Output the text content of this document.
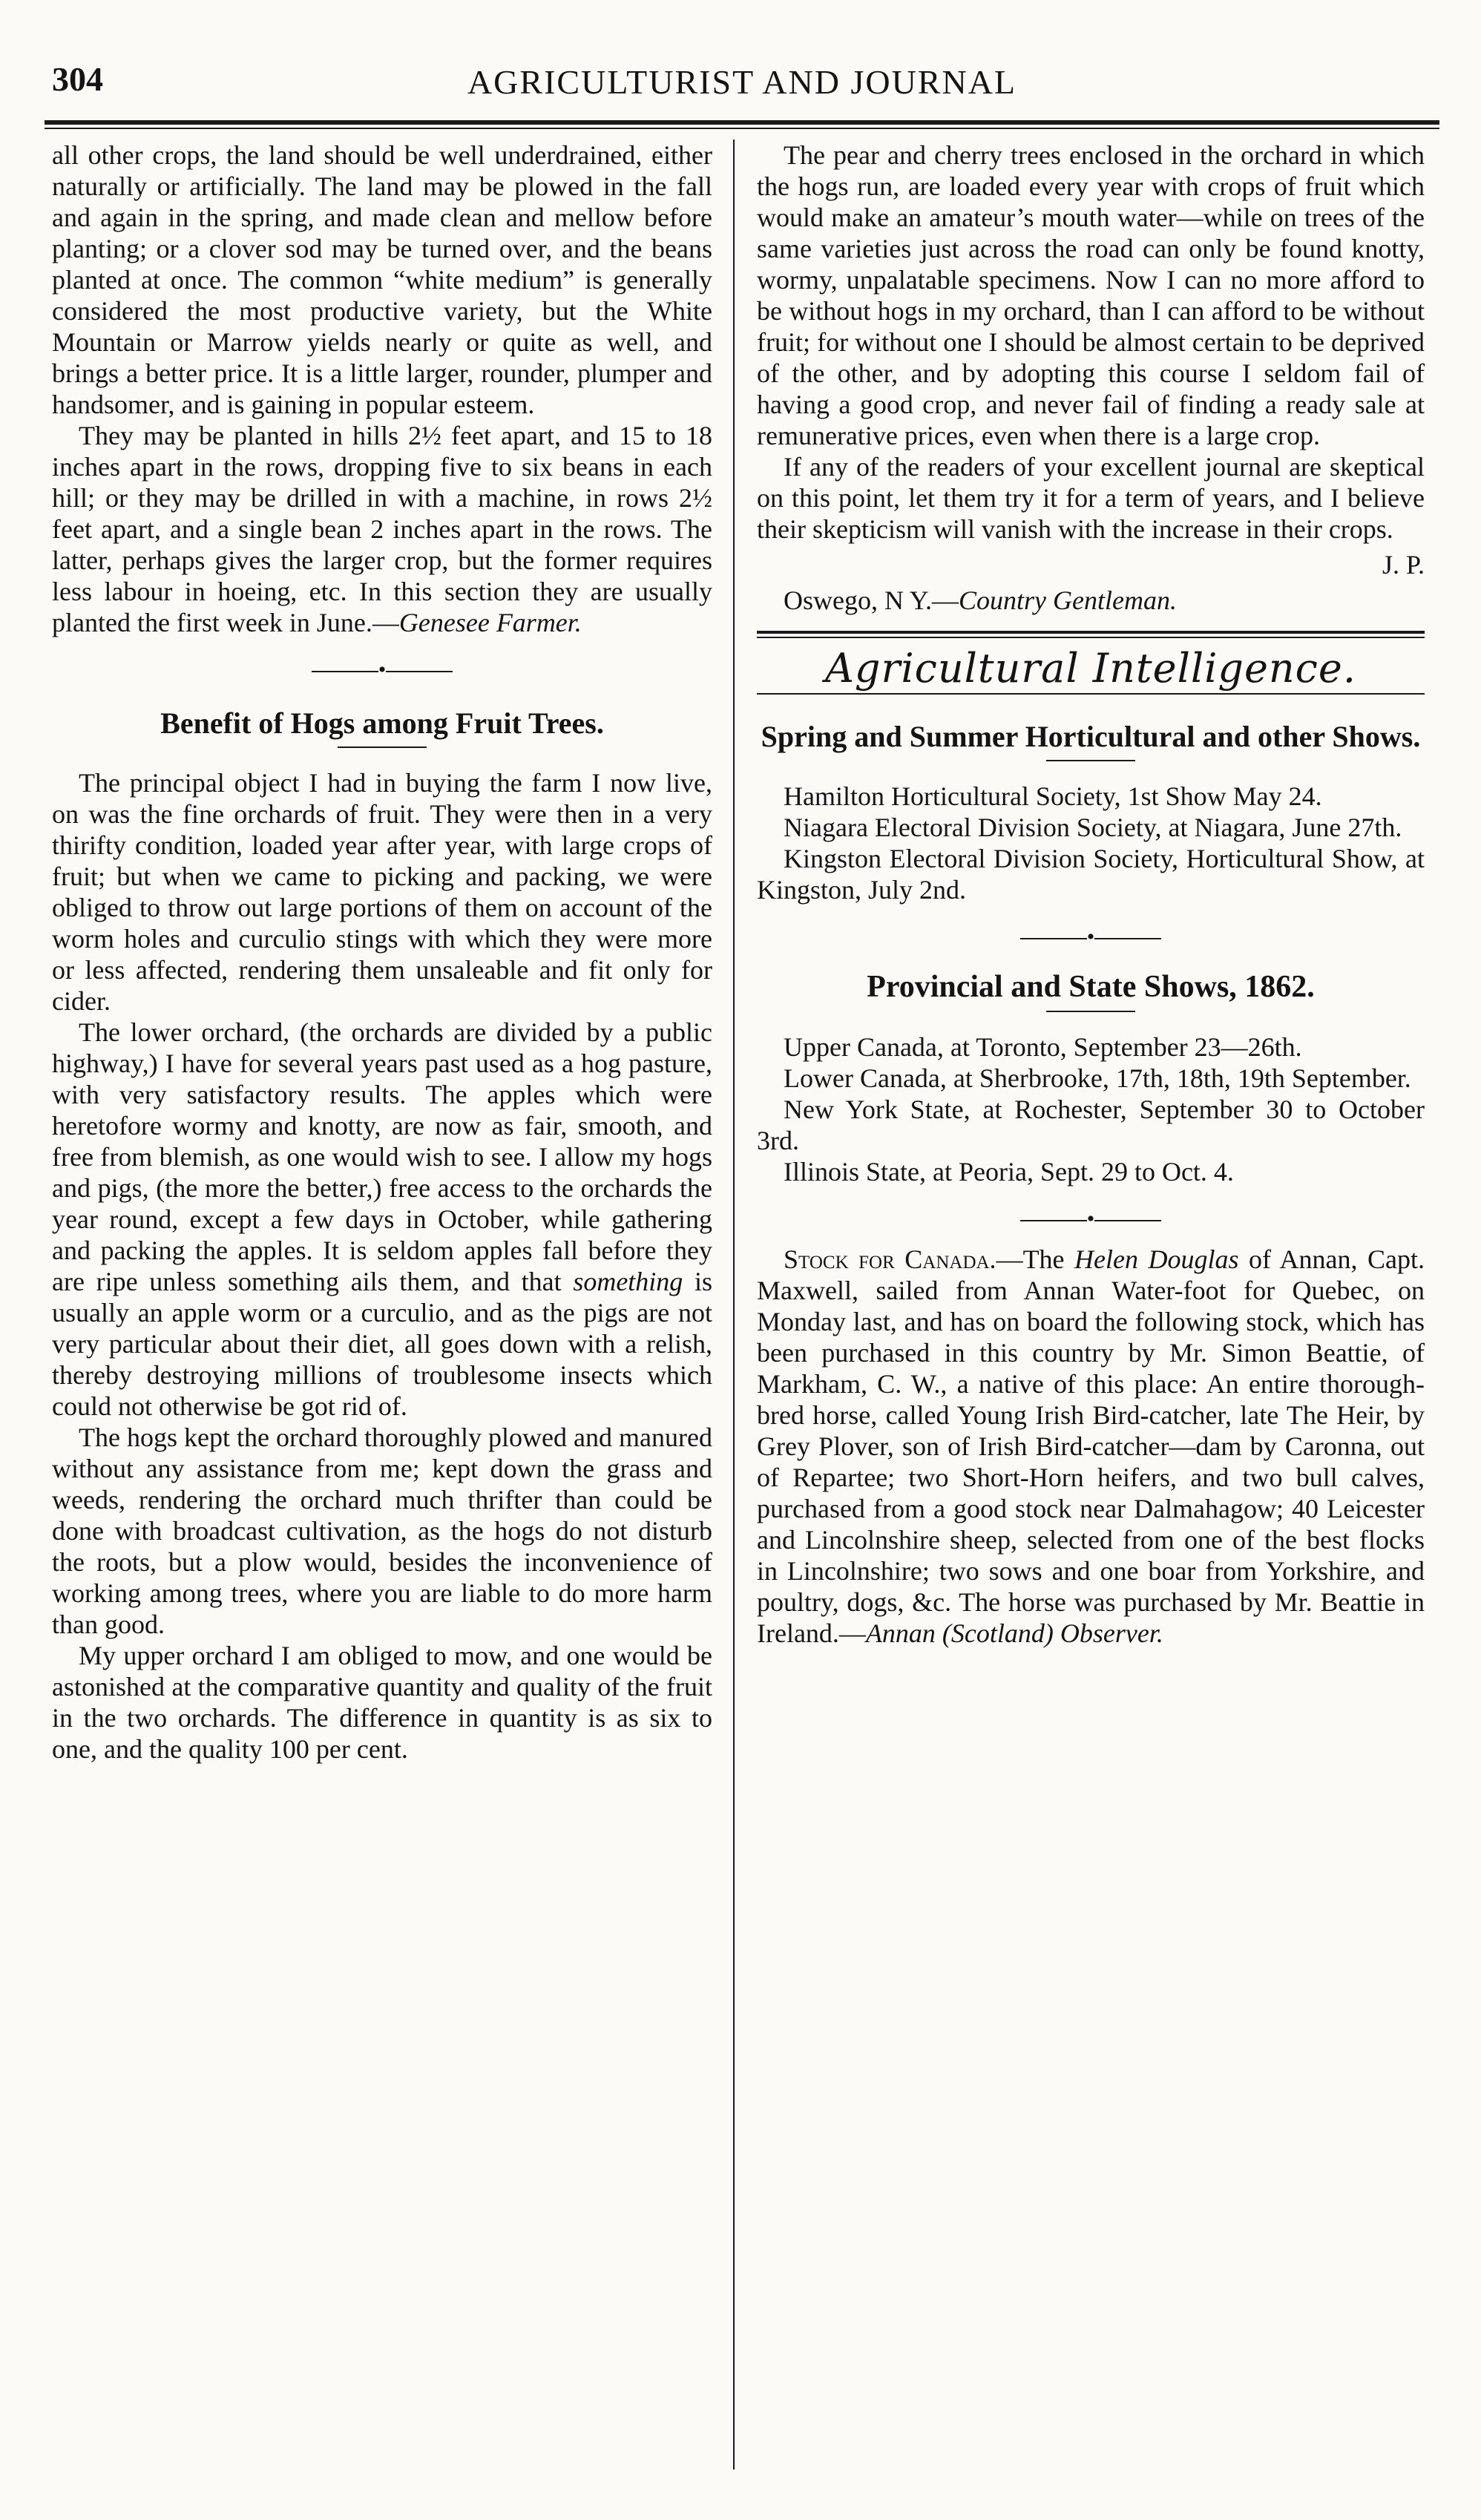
304	AGRICULTURIST AND JOURNAL

all other crops, the land should be well underdrained, either naturally or artificially. The land may be plowed in the fall and again in the spring, and made clean and mellow before planting; or a clover sod may be turned over, and the beans planted at once. The common “white medium” is generally considered the most productive variety, but the White Mountain or Marrow yields nearly or quite as well, and brings a better price. It is a little larger, rounder, plumper and handsomer, and is gaining in popular esteem.

They may be planted in hills 2½ feet apart, and 15 to 18 inches apart in the rows, dropping five to six beans in each hill; or they may be drilled in with a machine, in rows 2½ feet apart, and a single bean 2 inches apart in the rows. The latter, perhaps gives the larger crop, but the former requires less labour in hoeing, etc. In this section they are usually planted the first week in June.—Genesee Farmer.

•
Benefit of Hogs among Fruit Trees.

The principal object I had in buying the farm I now live, on was the fine orchards of fruit. They were then in a very thirifty condition, loaded year after year, with large crops of fruit; but when we came to picking and packing, we were obliged to throw out large portions of them on account of the worm holes and curculio stings with which they were more or less affected, rendering them unsaleable and fit only for cider.

The lower orchard, (the orchards are divided by a public highway,) I have for several years past used as a hog pasture, with very satisfactory results. The apples which were heretofore wormy and knotty, are now as fair, smooth, and free from blemish, as one would wish to see. I allow my hogs and pigs, (the more the better,) free access to the orchards the year round, except a few days in October, while gathering and packing the apples. It is seldom apples fall before they are ripe unless something ails them, and that something is usually an apple worm or a curculio, and as the pigs are not very particular about their diet, all goes down with a relish, thereby destroying millions of troublesome insects which could not otherwise be got rid of.

The hogs kept the orchard thoroughly plowed and manured without any assistance from me; kept down the grass and weeds, rendering the orchard much thrifter than could be done with broadcast cultivation, as the hogs do not disturb the roots, but a plow would, besides the inconvenience of working among trees, where you are liable to do more harm than good.

My upper orchard I am obliged to mow, and one would be astonished at the comparative quantity and quality of the fruit in the two orchards. The difference in quantity is as six to one, and the quality 100 per cent.

The pear and cherry trees enclosed in the orchard in which the hogs run, are loaded every year with crops of fruit which would make an amateur’s mouth water—while on trees of the same varieties just across the road can only be found knotty, wormy, unpalatable specimens. Now I can no more afford to be without hogs in my orchard, than I can afford to be without fruit; for without one I should be almost certain to be deprived of the other, and by adopting this course I seldom fail of having a good crop, and never fail of finding a ready sale at remunerative prices, even when there is a large crop.

If any of the readers of your excellent journal are skeptical on this point, let them try it for a term of years, and I believe their skepticism will vanish with the increase in their crops.

J. P.

Oswego, N Y.—Country Gentleman.

Agricultural Intelligence.
Spring and Summer Horticultural and other Shows.

Hamilton Horticultural Society, 1st Show May 24.

Niagara Electoral Division Society, at Niagara, June 27th.

Kingston Electoral Division Society, Horticultural Show, at Kingston, July 2nd.

•
Provincial and State Shows, 1862.

Upper Canada, at Toronto, September 23—26th.

Lower Canada, at Sherbrooke, 17th, 18th, 19th September.

New York State, at Rochester, September 30 to October 3rd.

Illinois State, at Peoria, Sept. 29 to Oct. 4.

•

Stock for Canada.—The Helen Douglas of Annan, Capt. Maxwell, sailed from Annan Water-foot for Quebec, on Monday last, and has on board the following stock, which has been purchased in this country by Mr. Simon Beattie, of Markham, C. W., a native of this place: An entire thorough-bred horse, called Young Irish Bird-catcher, late The Heir, by Grey Plover, son of Irish Bird-catcher—dam by Caronna, out of Repartee; two Short-Horn heifers, and two bull calves, purchased from a good stock near Dalmahagow; 40 Leicester and Lincolnshire sheep, selected from one of the best flocks in Lincolnshire; two sows and one boar from Yorkshire, and poultry, dogs, &c. The horse was purchased by Mr. Beattie in Ireland.—Annan (Scotland) Observer.
